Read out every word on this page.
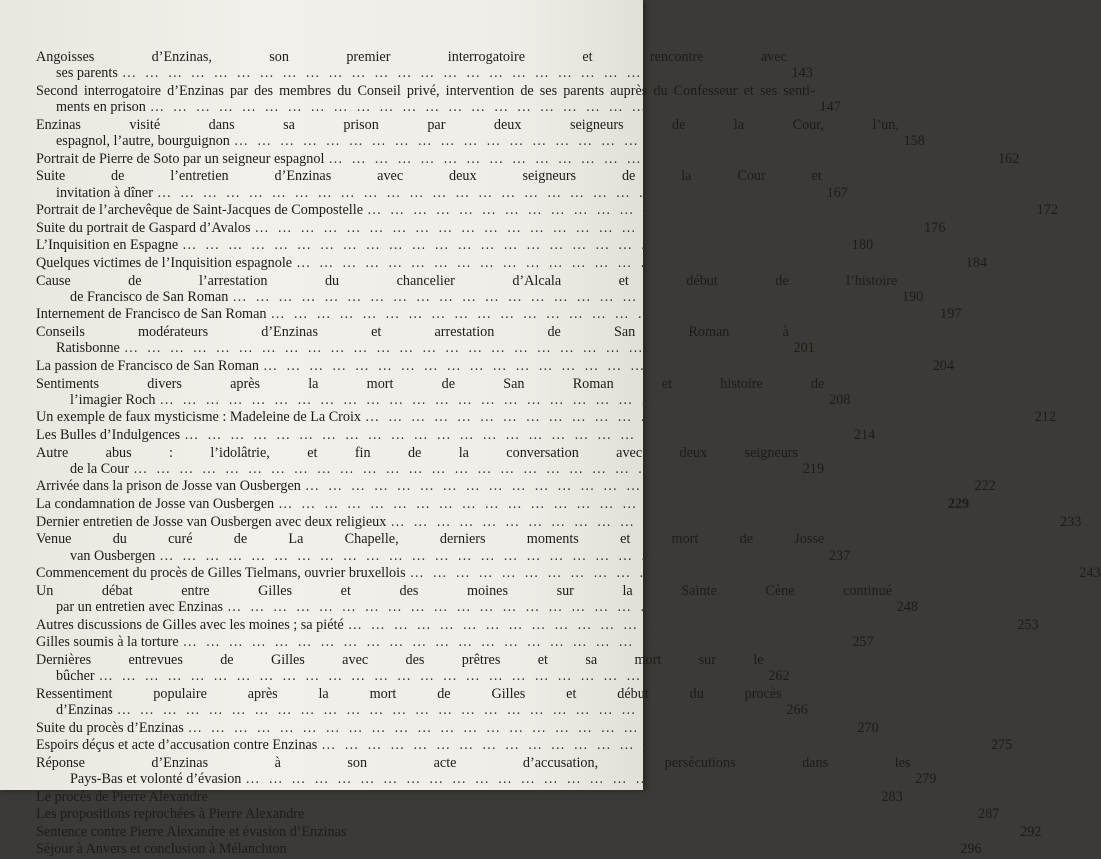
Angoisses d’Enzinas, son premier interrogatoire et rencontre avec
ses parents … … … … … … … … … … … … … … … … … … … … … … … … … … … … … 143
Second interrogatoire d’Enzinas par des membres du Conseil privé, intervention de ses parents auprès du Confesseur et ses senti-
ments en prison … … … … … … … … … … … … … … … … … … … … … … … … … … … … … 147
Enzinas visité dans sa prison par deux seigneurs de la Cour, l’un,
espagnol, l’autre, bourguignon … … … … … … … … … … … … … … … … … … … … … … … … … … … … … 158
Portrait de Pierre de Soto par un seigneur espagnol … … … … … … … … … … … … … … … … … … … … … … … … … … … … … 162
Suite de l’entretien d’Enzinas avec deux seigneurs de la Cour et
invitation à dîner … … … … … … … … … … … … … … … … … … … … … … … … … … … … … 167
Portrait de l’archevêque de Saint-Jacques de Compostelle … … … … … … … … … … … … … … … … … … … … … … … … … … … … … 172
Suite du portrait de Gaspard d’Avalos … … … … … … … … … … … … … … … … … … … … … … … … … … … … … 176
L’Inquisition en Espagne … … … … … … … … … … … … … … … … … … … … … … … … … … … … … 180
Quelques victimes de l’Inquisition espagnole … … … … … … … … … … … … … … … … … … … … … … … … … … … … … 184
Cause de l’arrestation du chancelier d’Alcala et début de l’histoire
de Francisco de San Roman … … … … … … … … … … … … … … … … … … … … … … … … … … … … … 190
Internement de Francisco de San Roman … … … … … … … … … … … … … … … … … … … … … … … … … … … … … 197
Conseils modérateurs d’Enzinas et arrestation de San Roman à
Ratisbonne … … … … … … … … … … … … … … … … … … … … … … … … … … … … … 201
La passion de Francisco de San Roman … … … … … … … … … … … … … … … … … … … … … … … … … … … … … 204
Sentiments divers après la mort de San Roman et histoire de
l’imagier Roch … … … … … … … … … … … … … … … … … … … … … … … … … … … … … 208
Un exemple de faux mysticisme : Madeleine de La Croix … … … … … … … … … … … … … … … … … … … … … … … … … … … … … 212
Les Bulles d’Indulgences … … … … … … … … … … … … … … … … … … … … … … … … … … … … … 214
Autre abus : l’idolâtrie, et fin de la conversation avec deux seigneurs
de la Cour … … … … … … … … … … … … … … … … … … … … … … … … … … … … … 219
Arrivée dans la prison de Josse van Ousbergen … … … … … … … … … … … … … … … … … … … … … … … … … … … … … 222
La condamnation de Josse van Ousbergen … … … … … … … … … … … … … … … … … … … … … … … … … … … … … 229
Dernier entretien de Josse van Ousbergen avec deux religieux … … … … … … … … … … … … … … … … … … … … … … … … … … … … … 233
Venue du curé de La Chapelle, derniers moments et mort de Josse
van Ousbergen … … … … … … … … … … … … … … … … … … … … … … … … … … … … … 237
Commencement du procès de Gilles Tielmans, ouvrier bruxellois … … … … … … … … … … … … … … … … … … … … … … … … … … … … … 243
Un débat entre Gilles et des moines sur la Sainte Cène continué
par un entretien avec Enzinas … … … … … … … … … … … … … … … … … … … … … … … … … … … … … 248
Autres discussions de Gilles avec les moines ; sa piété … … … … … … … … … … … … … … … … … … … … … … … … … … … … … 253
Gilles soumis à la torture … … … … … … … … … … … … … … … … … … … … … … … … … … … … … 257
Dernières entrevues de Gilles avec des prêtres et sa mort sur le
bûcher … … … … … … … … … … … … … … … … … … … … … … … … … … … … … 262
Ressentiment populaire après la mort de Gilles et début du procès
d’Enzinas … … … … … … … … … … … … … … … … … … … … … … … … … … … … … 266
Suite du procès d’Enzinas … … … … … … … … … … … … … … … … … … … … … … … … … … … … … 270
Espoirs déçus et acte d’accusation contre Enzinas … … … … … … … … … … … … … … … … … … … … … … … … … … … … … 275
Réponse d’Enzinas à son acte d’accusation, persécutions dans les
Pays-Bas et volonté d’évasion … … … … … … … … … … … … … … … … … … … … … … … … … … … … … 279
Le procès de Pierre Alexandre … … … … … … … … … … … … … … … … … … … … … … … … … … … … … 283
Les propositions reprochées à Pierre Alexandre … … … … … … … … … … … … … … … … … … … … … … … … … … … … … 287
Sentence contre Pierre Alexandre et évasion d’Enzinas … … … … … … … … … … … … … … … … … … … … … … … … … … … … … 292
Séjour à Anvers et conclusion à Mélanchton … … … … … … … … … … … … … … … … … … … … … … … … … … … … … 296
